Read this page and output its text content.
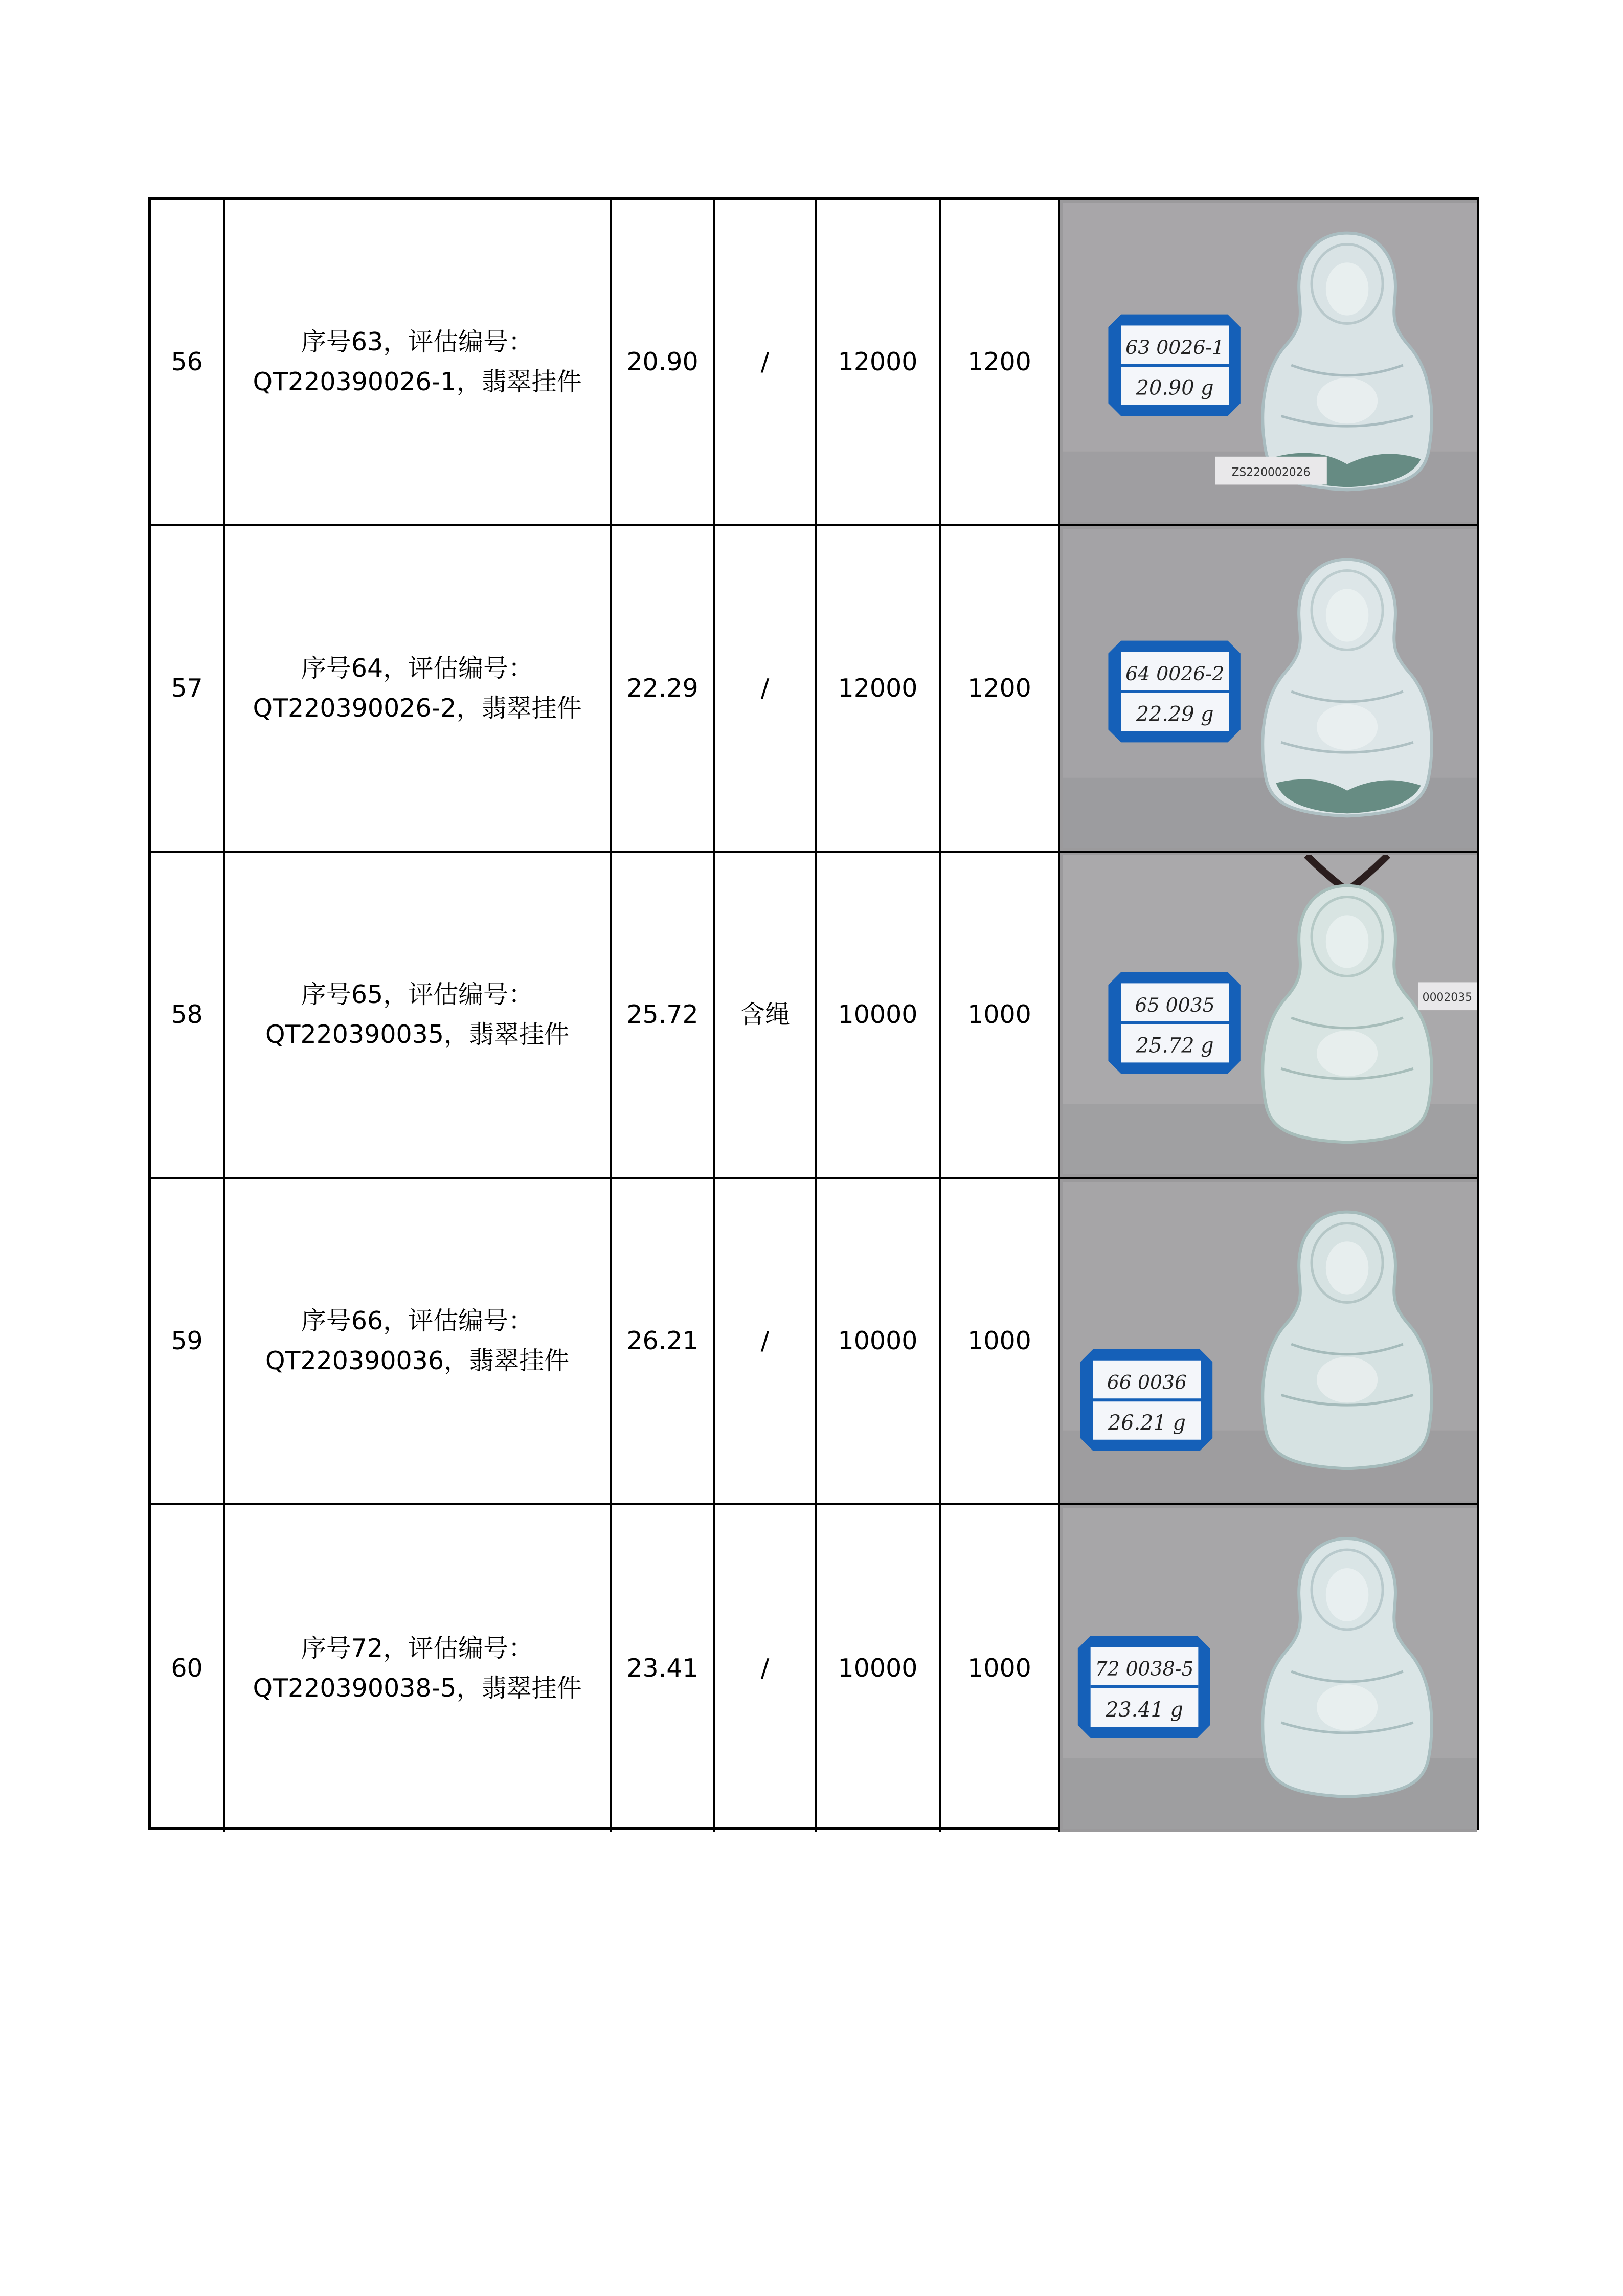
56
序号63，评估编号：
QT220390026-1，翡翠挂件
20.90	/	12000	1200	63 0026-1
20.90 g
ZS220002026
57
序号64，评估编号：
QT220390026-2，翡翠挂件
22.29	/	12000	1200	64 0026-2
22.29 g
58
序号65，评估编号：
QT220390035，翡翠挂件
25.72	含绳	10000	1000	65 0035
25.72 g
0002035
59
序号66，评估编号：
QT220390036，翡翠挂件
26.21	/	10000	1000
66 0036
26.21 g
60
序号72，评估编号：
QT220390038-5，翡翠挂件
23.41	/	10000	1000	72 0038-5
23.41 g
